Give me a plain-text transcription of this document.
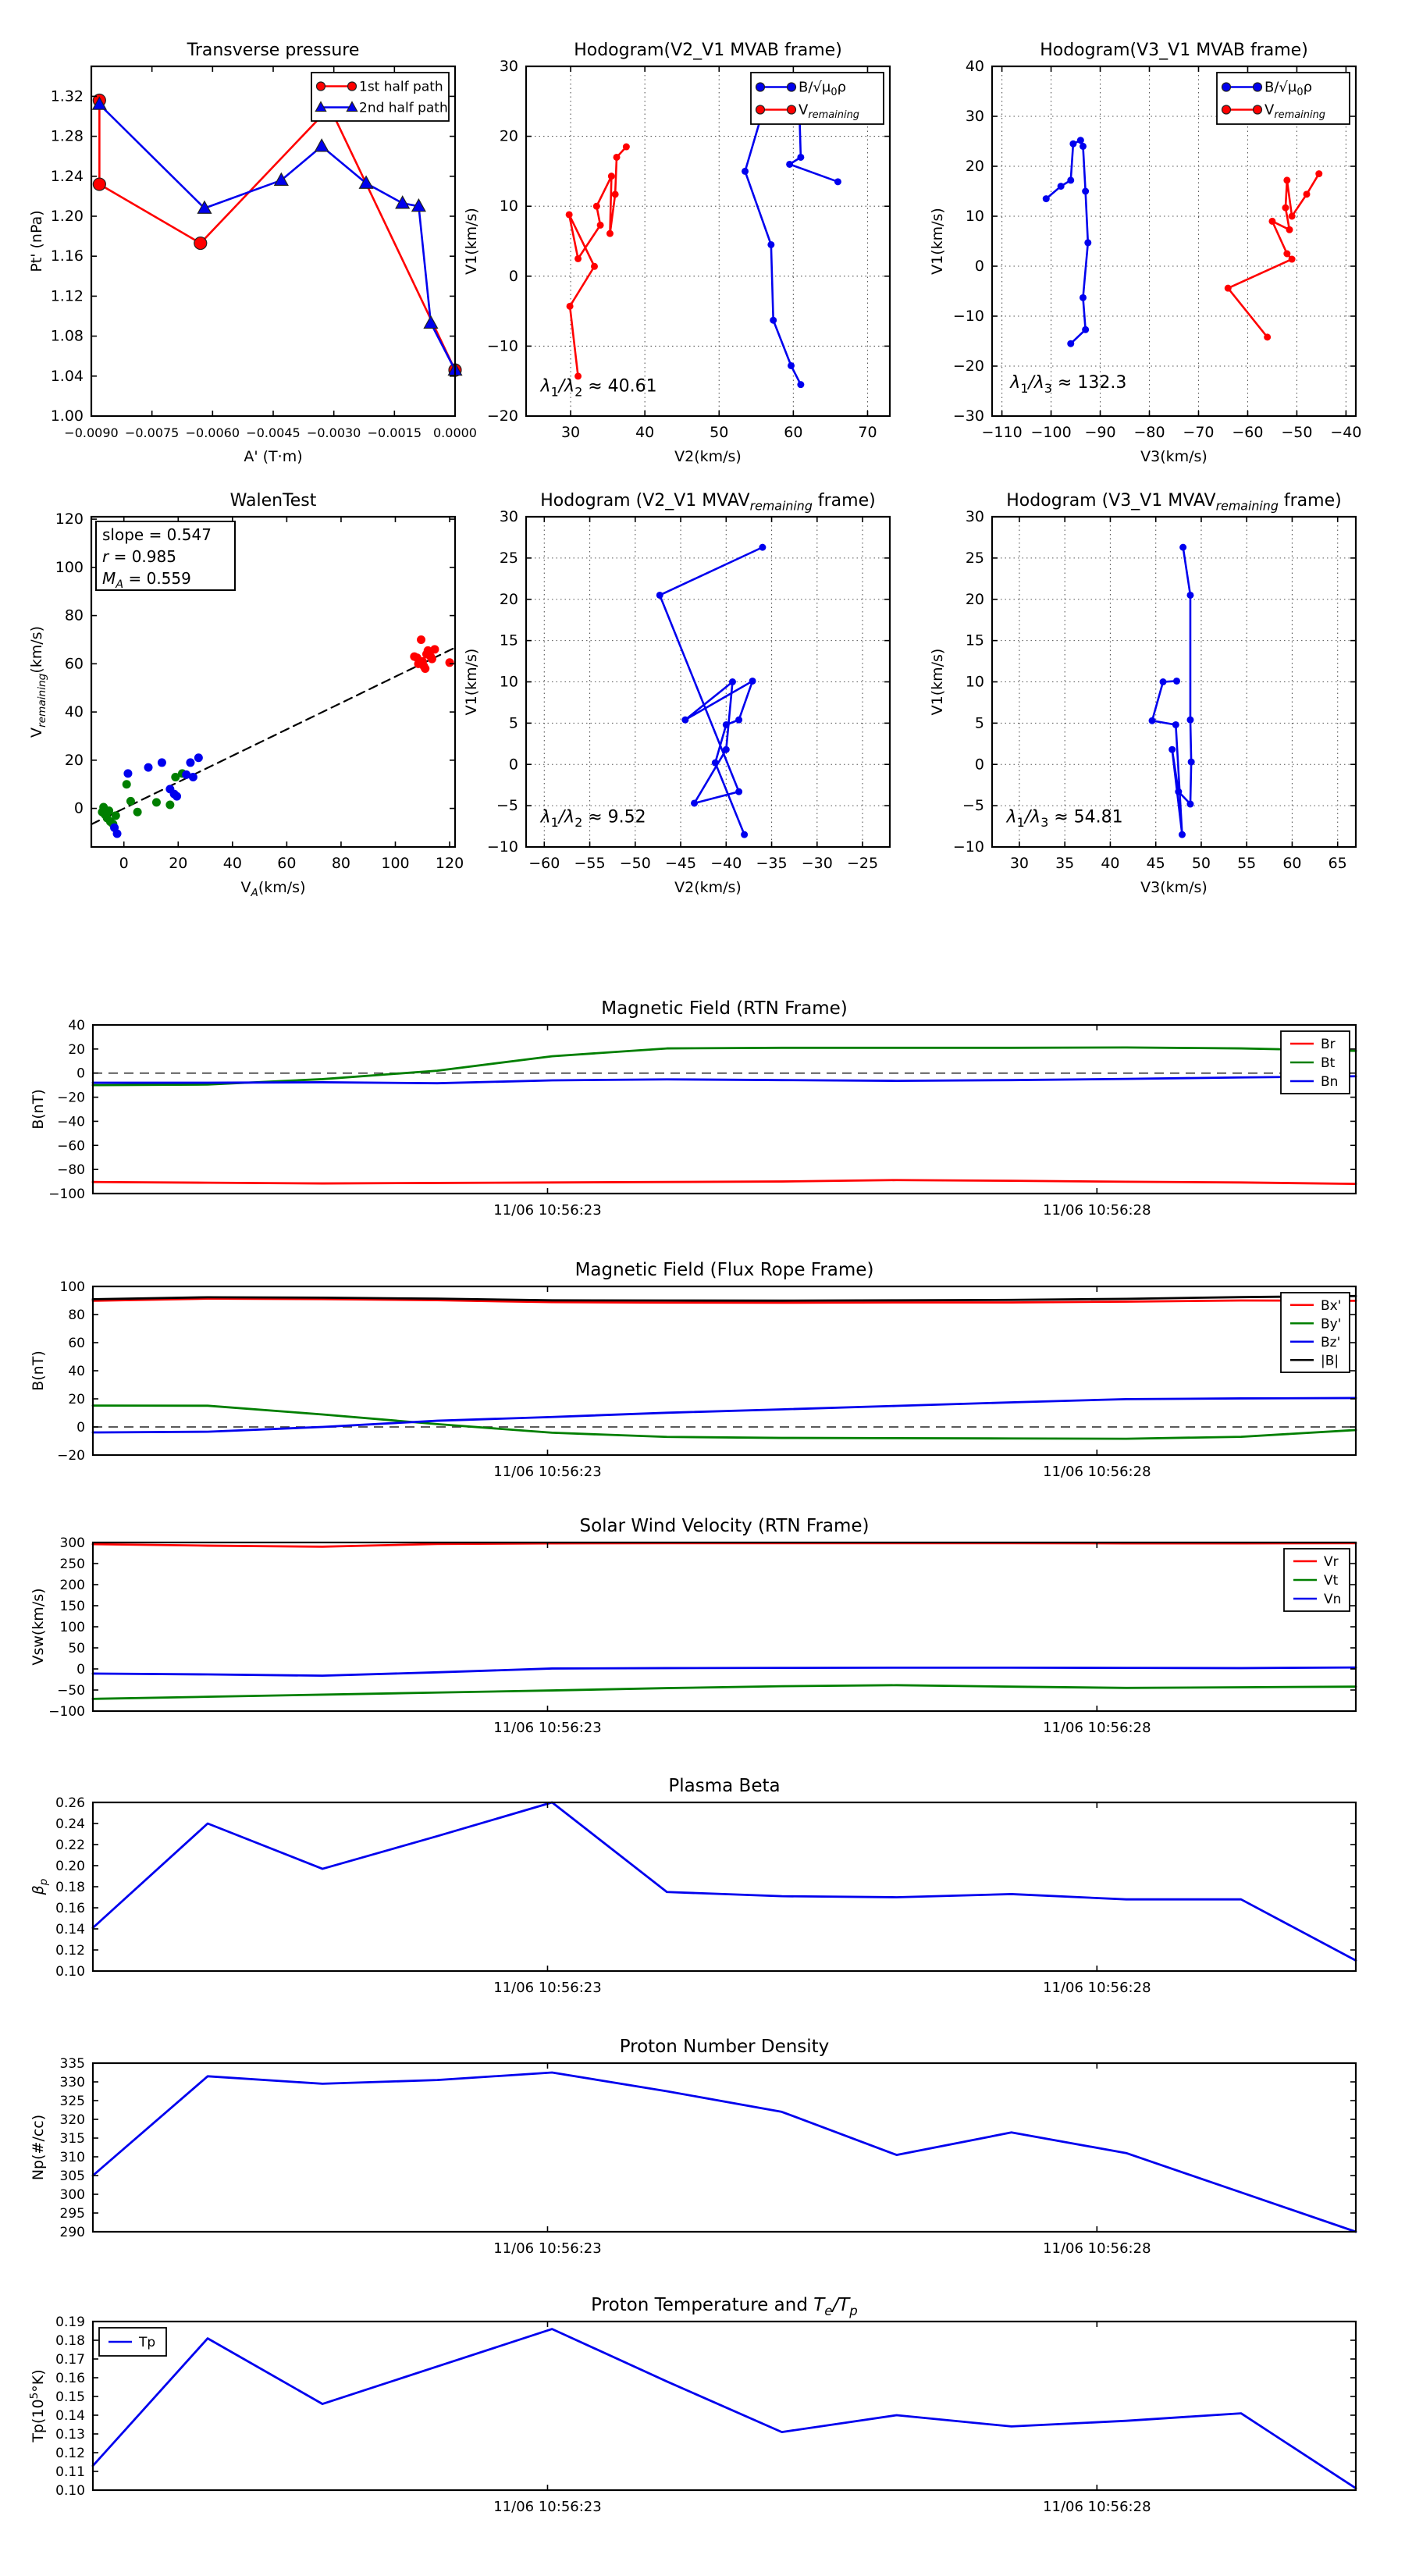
−0.0090 −0.0075 −0.0060 −0.0045 −0.0030 −0.0015 0.0000
1.00
1.04
1.08
1.12
1.16
1.20
1.24
1.28
1.32
Transverse pressure
A' (T·m)
Pt' (nPa)
1st half path
2nd half path
$\lambda_1/\lambda_2 \approx 40.61$
30	40	50	60	70
−20
−10
0
10
20
30
Hodogram(V2_V1 MVAB frame)
V2(km/s)
V1(km/s)
$B/√\mu_0\rho$
$V_{remaining}$
$\lambda_1/\lambda_3 \approx 132.3$
−110 −100 −90 −80 −70 −60 −50 −40
−30
−20
−10
0
10
20
30
40
Hodogram(V3_V1 MVAB frame)
V3(km/s)
V1(km/s)
$B/√\mu_0\rho$
$V_{remaining}$
0	20 40 60 80 100 120
0
20
40
60
80
100
120
WalenTest
$V_A(km/s)$
$V_{remaining}(km/s)$
slope = 0.547
r = 0.985
$M_A = 0.559$
$\lambda_1/\lambda_2 \approx 9.52$
−60 −55 −50 −45 −40 −35 −30 −25
−10
−5
0
5
10
15
20
25
30
Hodogram (V2_V1 $MVAV_{remaining}$ frame)
V2(km/s)
V1(km/s)
$\lambda_1/\lambda_3 \approx 54.81$
30 35 40 45 50 55 60 65
−10
−5
0
5
10
15
20
25
30
Hodogram (V3_V1 $MVAV_{remaining}$ frame)
V3(km/s)
V1(km/s)
11/06 10:56:23	11/06 10:56:28
40
20
0
−20
−40
−60
−80
−100
Magnetic Field (RTN Frame)
B(nT)
Br
Bt
Bn
11/06 10:56:23	11/06 10:56:28
100
80
60
40
20
0
−20
Magnetic Field (Flux Rope Frame)
B(nT)
Bx'
By'
Bz'
|B|
11/06 10:56:23	11/06 10:56:28
300
250
200
150
100
50
0
−50
−100
Solar Wind Velocity (RTN Frame)
Vsw(km/s)
Vr
Vt
Vn
11/06 10:56:23	11/06 10:56:28
0.26
0.24
0.22
0.20
0.18
0.16
0.14
0.12
0.10
Plasma Beta
$\beta_p$
11/06 10:56:23	11/06 10:56:28
335
330
325
320
315
310
305
300
295
290
Proton Number Density
Np(#/cc)
11/06 10:56:23	11/06 10:56:28
0.19
0.18
0.17
0.16
0.15
0.14
0.13
0.12
0.11
0.10
Proton Temperature and $T_e/T_p$
$Tp(10^5^\circ K)$
Tp
